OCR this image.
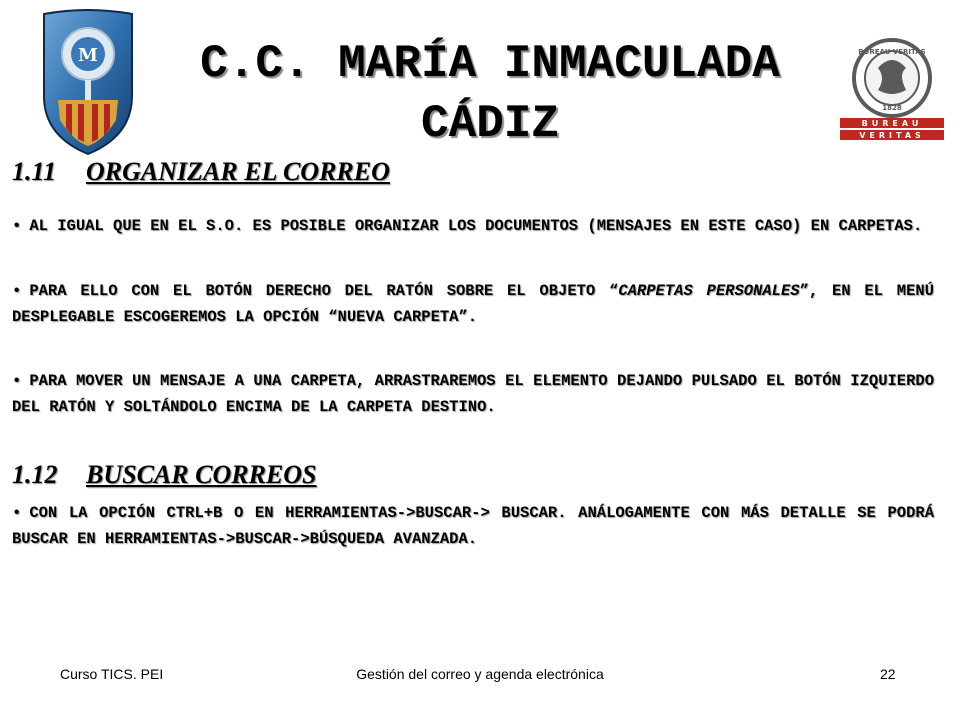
M	C.C. MARÍA INMACULADA
CÁDIZ
BUREAU VERITAS
1828
BUREAU
VERITAS
1.11 ORGANIZAR EL CORREO
• AL IGUAL QUE EN EL S.O. ES POSIBLE ORGANIZAR LOS DOCUMENTOS (MENSAJES EN ESTE CASO) EN CARPETAS.
• PARA ELLO CON EL BOTÓN DERECHO DEL RATÓN SOBRE EL OBJETO “CARPETAS PERSONALES”, EN EL MENÚ DESPLEGABLE ESCOGEREMOS LA OPCIÓN “NUEVA CARPETA”.
• PARA MOVER UN MENSAJE A UNA CARPETA, ARRASTRAREMOS EL ELEMENTO DEJANDO PULSADO EL BOTÓN IZQUIERDO DEL RATÓN Y SOLTÁNDOLO ENCIMA DE LA CARPETA DESTINO.
1.12 BUSCAR CORREOS
• CON LA OPCIÓN CTRL+B O EN HERRAMIENTAS->BUSCAR-> BUSCAR. ANÁLOGAMENTE CON MÁS DETALLE SE PODRÁ BUSCAR EN HERRAMIENTAS->BUSCAR->BÚSQUEDA AVANZADA.
Curso TICS. PEI	Gestión del correo y agenda electrónica	22
